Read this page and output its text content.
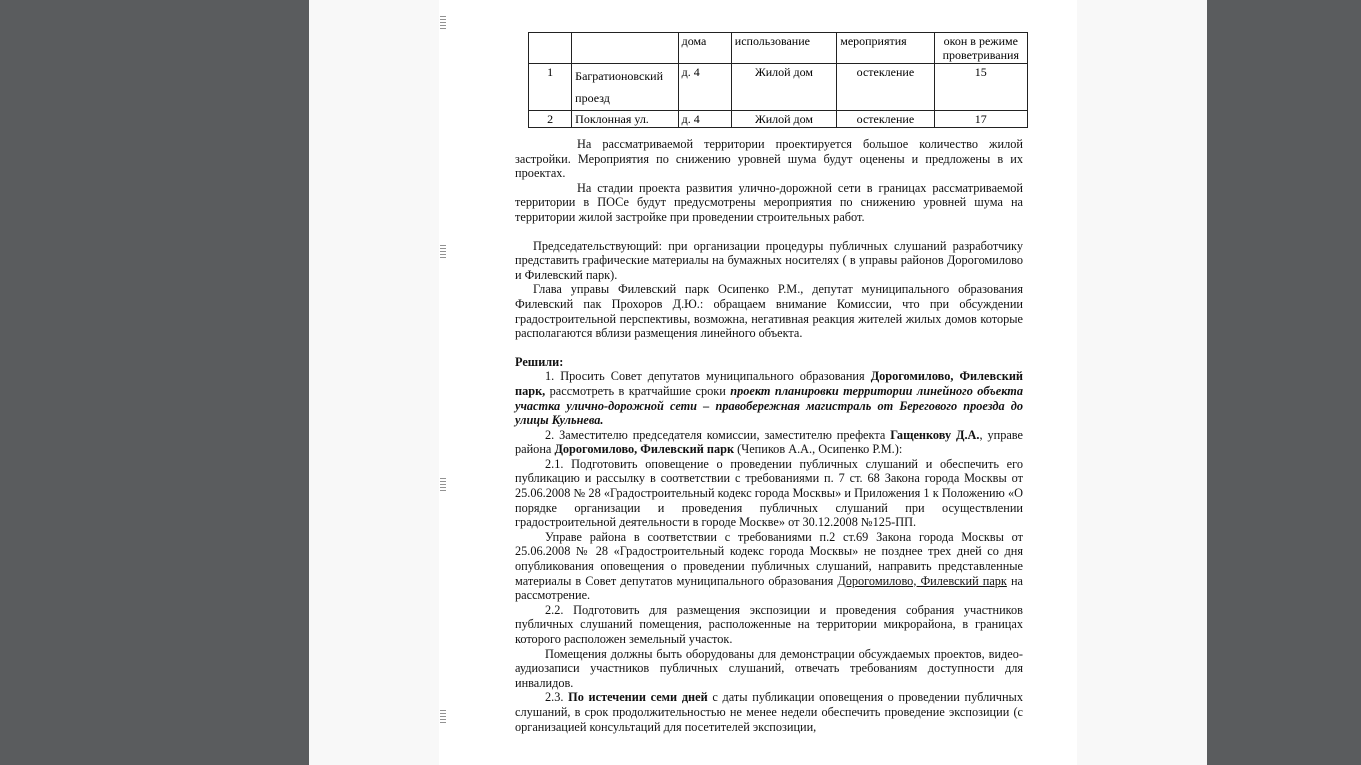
		дома	использование	мероприятия	окон в режиме проветривания
1	Багратионовский проезд	д. 4	Жилой дом	остекление	15
2	Поклонная ул.	д. 4	Жилой дом	остекление	17

На рассматриваемой территории проектируется большое количество жилой застройки. Мероприятия по снижению уровней шума будут оценены и предложены в их проектах.

На стадии проекта развития улично-дорожной сети в границах рассматриваемой территории в ПОСе будут предусмотрены мероприятия по снижению уровней шума на территории жилой застройке при проведении строительных работ.

Председательствующий: при организации процедуры публичных слушаний разработчику представить графические материалы на бумажных носителях ( в управы районов Дорогомилово и Филевский парк).

Глава управы Филевский парк Осипенко Р.М., депутат муниципального образования Филевский пак Прохоров Д.Ю.: обращаем внимание Комиссии, что при обсуждении градостроительной перспективы, возможна, негативная реакция жителей жилых домов которые располагаются вблизи размещения линейного объекта.

Решили:

1. Просить Совет депутатов муниципального образования Дорогомилово, Филевский парк, рассмотреть в кратчайшие сроки проект планировки территории линейного объекта участка улично-дорожной сети – правобережная магистраль от Берегового проезда до улицы Кульнева.

2. Заместителю председателя комиссии, заместителю префекта Гащенкову Д.А., управе района Дорогомилово, Филевский парк (Чепиков А.А., Осипенко Р.М.):

2.1. Подготовить оповещение о проведении публичных слушаний и обеспечить его публикацию и рассылку в соответствии с требованиями п. 7 ст. 68 Закона города Москвы от 25.06.2008 № 28 «Градостроительный кодекс города Москвы» и Приложения 1 к Положению «О порядке организации и проведения публичных слушаний при осуществлении градостроительной деятельности в городе Москве» от 30.12.2008 №125-ПП.

Управе района в соответствии с требованиями п.2 ст.69 Закона города Москвы от 25.06.2008 № 28 «Градостроительный кодекс города Москвы» не позднее трех дней со дня опубликования оповещения о проведении публичных слушаний, направить представленные материалы в Совет депутатов муниципального образования Дорогомилово, Филевский парк на рассмотрение.

2.2. Подготовить для размещения экспозиции и проведения собрания участников публичных слушаний помещения, расположенные на территории микрорайона, в границах которого расположен земельный участок.

Помещения должны быть оборудованы для демонстрации обсуждаемых проектов, видео- аудиозаписи участников публичных слушаний, отвечать требованиям доступности для инвалидов.

2.3. По истечении семи дней с даты публикации оповещения о проведении публичных слушаний, в срок продолжительностью не менее недели обеспечить проведение экспозиции (с организацией консультаций для посетителей экспозиции,
